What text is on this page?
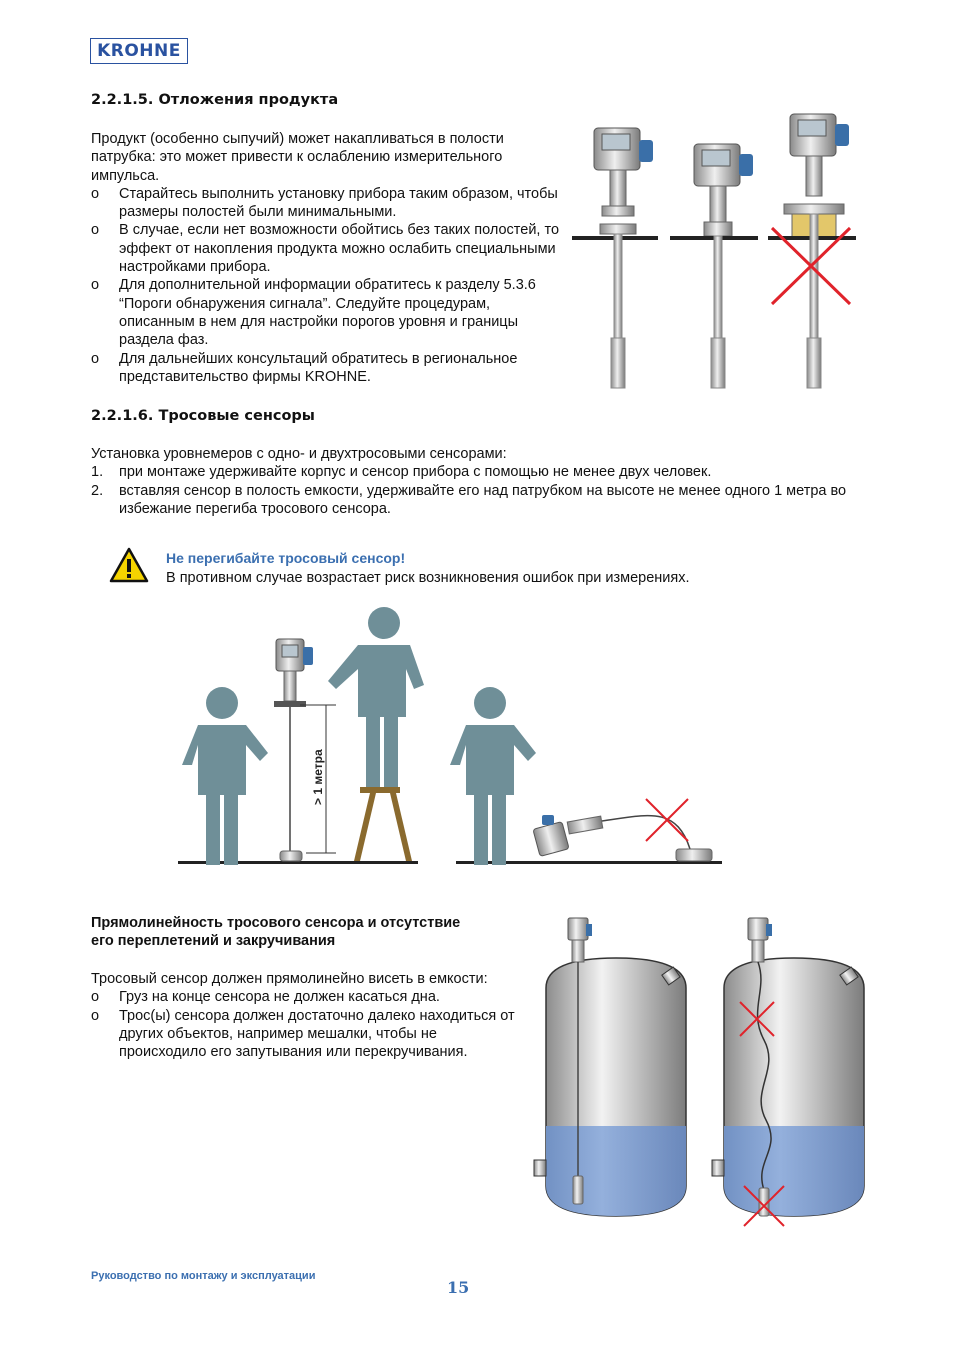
KROHNE
2.2.1.5. Отложения продукта
Продукт (особенно сыпучий) может накапливаться в полости патрубка: это может привести к ослаблению измерительного импульса.
o Старайтесь выполнить установку прибора таким образом, чтобы размеры полостей были минимальными.
o В случае, если нет возможности обойтись без таких полостей, то эффект от накопления продукта можно ослабить специальными настройками прибора.
o Для дополнительной информации обратитесь к разделу 5.3.6 “Пороги обнаружения сигнала”. Следуйте процедурам, описанным в нем для настройки порогов уровня и границы раздела фаз.
o Для дальнейших консультаций обратитесь в региональное представительство фирмы KROHNE.
2.2.1.6. Тросовые сенсоры
Установка уровнемеров с одно- и двухтросовыми сенсорами:
1. при монтаже удерживайте корпус и сенсор прибора с помощью не менее двух человек.
2. вставляя сенсор в полость емкости, удерживайте его над патрубком на высоте не менее одного 1 метра во избежание перегиба тросового сенсора.
Не перегибайте тросовый сенсор!
В противном случае возрастает риск возникновения ошибок при измерениях.
> 1 метра
Прямолинейность тросового сенсора и отсутствие
его переплетений и закручивания
Тросовый сенсор должен прямолинейно висеть в емкости:
o Груз на конце сенсора не должен касаться дна.
o Трос(ы) сенсора должен достаточно далеко находиться от других объектов, например мешалки, чтобы не происходило его запутывания или перекручивания.
Руководство по монтажу и эксплуатации
15
